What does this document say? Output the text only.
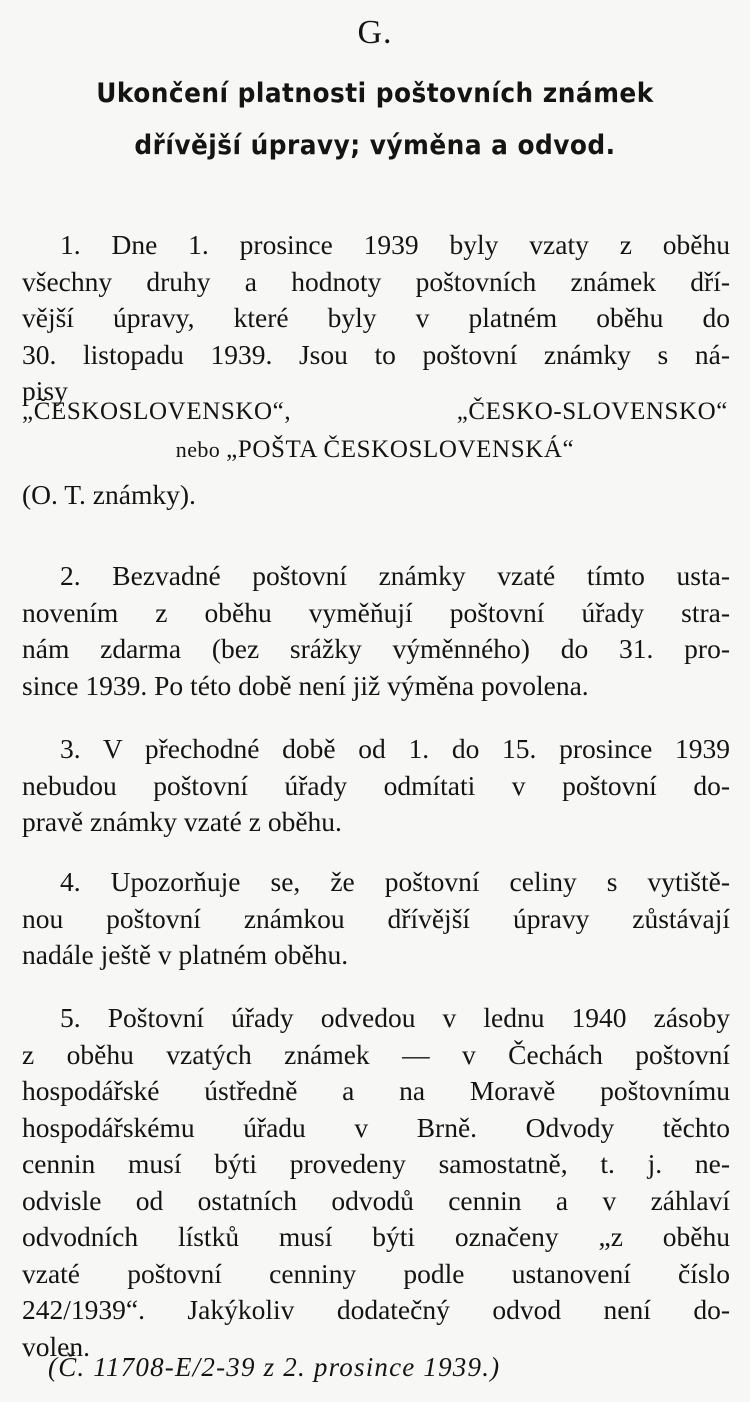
G.
Ukončení platnosti poštovních známek
dřívější úpravy; výměna a odvod.
1. Dne 1. prosince 1939 byly vzaty z oběhu
všechny druhy a hodnoty poštovních známek dří-
vější úpravy, které byly v platném oběhu do
30. listopadu 1939. Jsou to poštovní známky s ná-
pisy
„ČESKOSLOVENSKO“,	„ČESKO-SLOVENSKO“
nebo „POŠTA ČESKOSLOVENSKÁ“
(O. T. známky).
2. Bezvadné poštovní známky vzaté tímto usta-
novením z oběhu vyměňují poštovní úřady stra-
nám zdarma (bez srážky výměnného) do 31. pro-
since 1939. Po této době není již výměna povolena.
3. V přechodné době od 1. do 15. prosince 1939
nebudou poštovní úřady odmítati v poštovní do-
pravě známky vzaté z oběhu.
4. Upozorňuje se, že poštovní celiny s vytiště-
nou poštovní známkou dřívější úpravy zůstávají
nadále ještě v platném oběhu.
5. Poštovní úřady odvedou v lednu 1940 zásoby
z oběhu vzatých známek — v Čechách poštovní
hospodářské ústředně a na Moravě poštovnímu
hospodářskému úřadu v Brně. Odvody těchto
cennin musí býti provedeny samostatně, t. j. ne-
odvisle od ostatních odvodů cennin a v záhlaví
odvodních lístků musí býti označeny „z oběhu
vzaté poštovní cenniny podle ustanovení číslo
242/1939“. Jakýkoliv dodatečný odvod není do-
volen.
(Č. 11708-E/2-39 z 2. prosince 1939.)
